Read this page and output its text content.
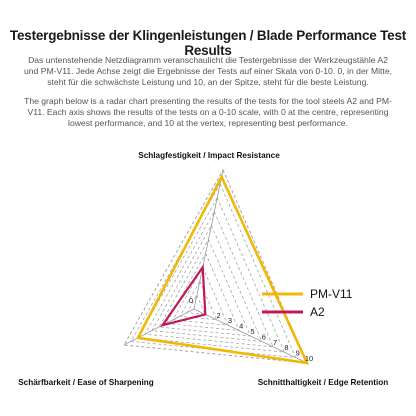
Testergebnisse der Klingenleistungen / Blade Performance Test Results
Das untenstehende Netzdiagramm veranschaulicht die Testergebnisse der Werkzeugstähle A2 und PM-V11. Jede Achse zeigt die Ergebnisse der Tests auf einer Skala von 0-10. 0, in der Mitte, steht für die schwächste Leistung und 10, an der Spitze, steht für die beste Leistung.
The graph below is a radar chart presenting the results of the tests for the tool steels A2 and PM-V11. Each axis shows the results of the tests on a 0-10 scale, with 0 at the centre, representing lowest performance, and 10 at the vertex, representing best performance.
0
2
3
4
5
6
7
8
9
10
Schlagfestigkeit / Impact Resistance
Schnitthaltigkeit / Edge Retention
Schärfbarkeit / Ease of Sharpening
PM-V11
A2
